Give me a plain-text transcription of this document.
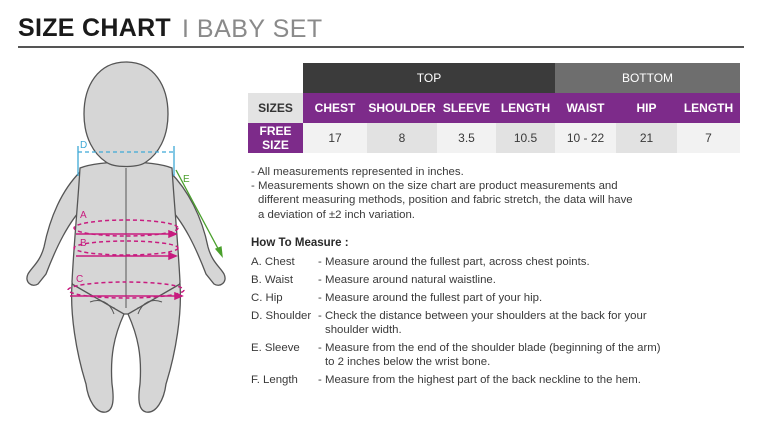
SIZE CHART I BABY SET
D
E
A
B
C
	TOP				BOTTOM		
SIZES	CHEST	SHOULDER	SLEEVE	LENGTH	WAIST	HIP	LENGTH
FREE SIZE	17	8	3.5	10.5	10 - 22	21	7
- All measurements represented in inches.
- Measurements shown on the size chart are product measurements and
different measuring methods, position and fabric stretch, the data will have
a deviation of ±2 inch variation.
How To Measure :
A. Chest - Measure around the fullest part, across chest points.
B. Waist - Measure around natural waistline.
C. Hip	- Measure around the fullest part of your hip.
D. Shoulder - Check the distance between your shoulders at the back for your
shoulder width.
E. Sleeve - Measure from the end of the shoulder blade (beginning of the arm)
to 2 inches below the wrist bone.
F. Length - Measure from the highest part of the back neckline to the hem.
